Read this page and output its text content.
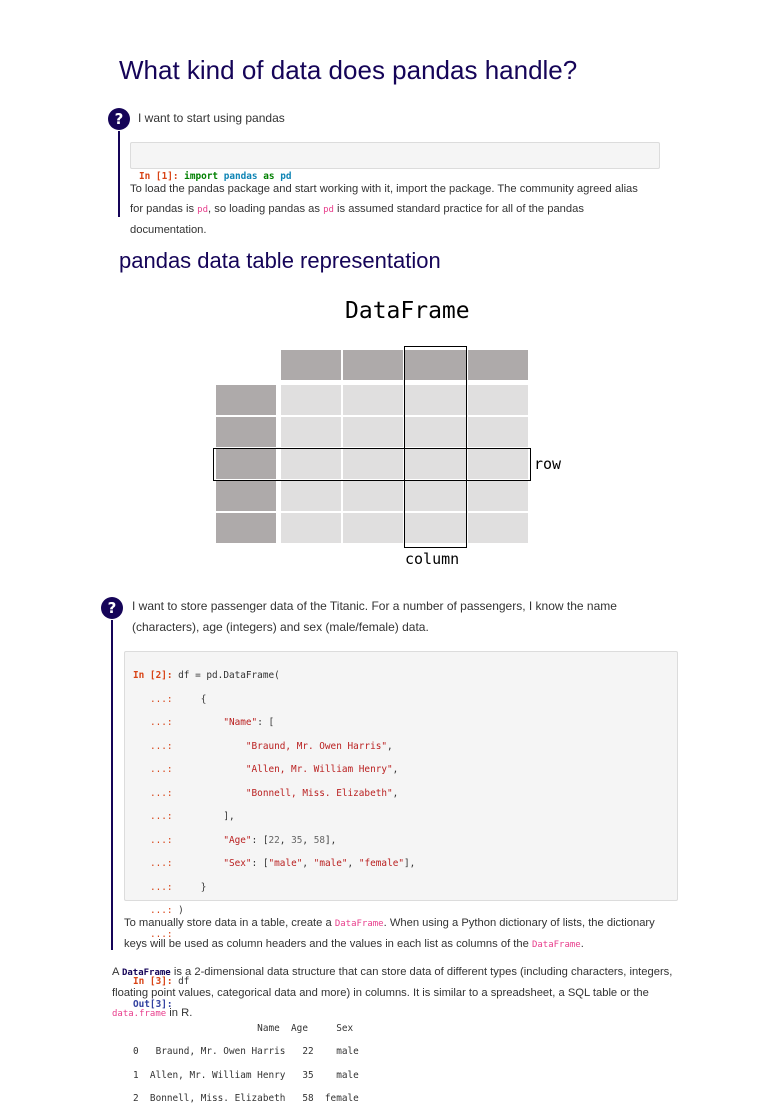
What kind of data does pandas handle?
?	I want to start using pandas

In [1]: import pandas as pd

To load the pandas package and start working with it, import the package. The community agreed alias for pandas is pd, so loading pandas as pd is assumed standard practice for all of the pandas documentation.

pandas data table representation
DataFrame
row
column
?	I want to store passenger data of the Titanic. For a number of passengers, I know the name

(characters), age (integers) and sex (male/female) data.

In [2]: df = pd.DataFrame(

...:     {

...:	"Name": [

...:	"Braund, Mr. Owen Harris",

...:	"Allen, Mr. William Henry",

...:	"Bonnell, Miss. Elizabeth",

...:         ],

...:	"Age": [22, 35, 58],

...:	"Sex": ["male", "male", "female"],

...:     }

...: )

...:

In [3]: df

Out[3]:

Name  Age     Sex

0   Braund, Mr. Owen Harris   22    male

1  Allen, Mr. William Henry   35    male

2  Bonnell, Miss. Elizabeth   58  female

To manually store data in a table, create a DataFrame. When using a Python dictionary of lists, the dictionary keys will be used as column headers and the values in each list as columns of the DataFrame.

A DataFrame is a 2-dimensional data structure that can store data of different types (including characters, integers, floating point values, categorical data and more) in columns. It is similar to a spreadsheet, a SQL table or the data.frame in R.
